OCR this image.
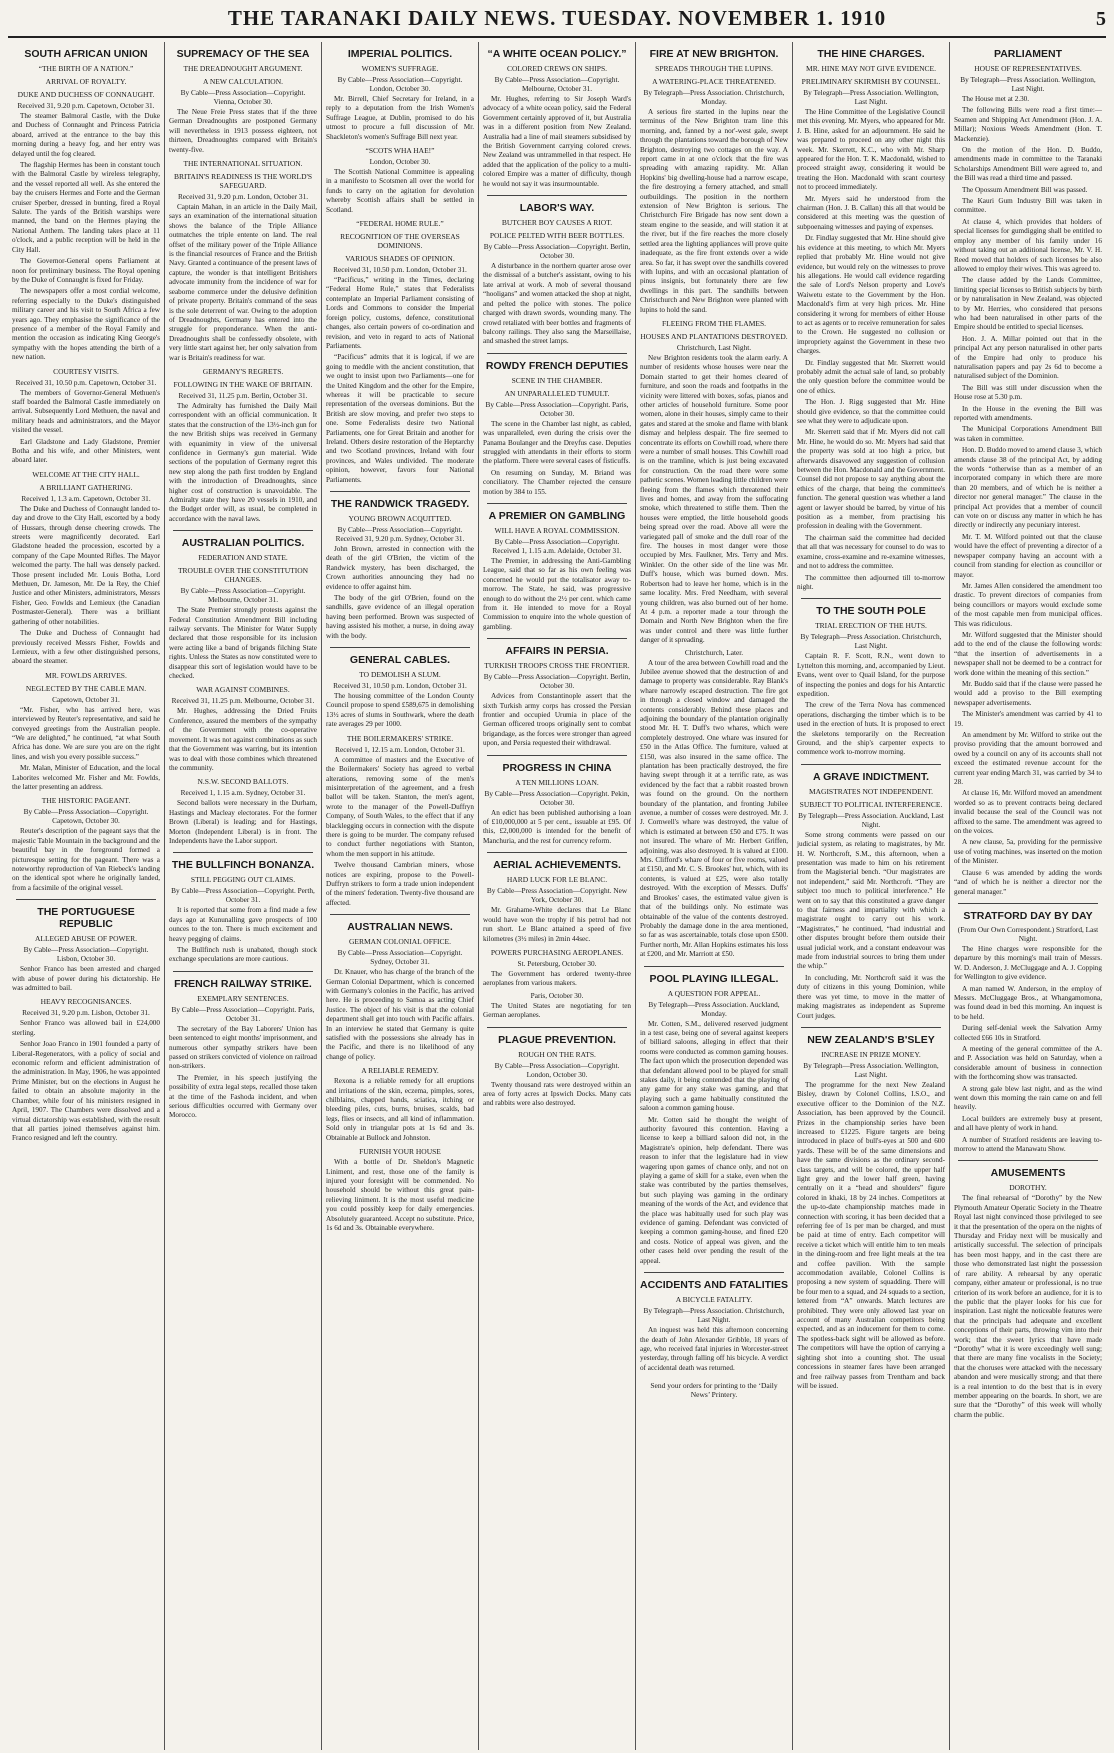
THE TARANAKI DAILY NEWS. TUESDAY. NOVEMBER 1. 1910	5
SOUTH AFRICAN UNION
“THE BIRTH OF A NATION.”
ARRIVAL OF ROYALTY.
DUKE AND DUCHESS OF CONNAUGHT.
Received 31, 9.20 p.m. Capetown, October 31.
The steamer Balmoral Castle, with the Duke and Duchess of Connaught and Princess Patricia aboard, arrived at the entrance to the bay this morning during a heavy fog, and her entry was delayed until the fog cleared.
The flagship Hermes has been in constant touch with the Balmoral Castle by wireless telegraphy, and the vessel reported all well. As she entered the bay the cruisers Hermes and Forte and the German cruiser Sperber, dressed in bunting, fired a Royal Salute. The yards of the British warships were manned, the band on the Hermes playing the National Anthem. The landing takes place at 11 o'clock, and a public reception will be held in the City Hall.
The Governor-General opens Parliament at noon for preliminary business. The Royal opening by the Duke of Connaught is fixed for Friday.
The newspapers offer a most cordial welcome, referring especially to the Duke's distinguished military career and his visit to South Africa a few years ago. They emphasise the significance of the presence of a member of the Royal Family and mention the occasion as indicating King George's sympathy with the hopes attending the birth of a new nation.
COURTESY VISITS.
Received 31, 10.50 p.m. Capetown, October 31.
The members of Governor-General Methuen's staff boarded the Balmoral Castle immediately on arrival. Subsequently Lord Methuen, the naval and military heads and administrators, and the Mayor visited the vessel.
Earl Gladstone and Lady Gladstone, Premier Botha and his wife, and other Ministers, went aboard later.
WELCOME AT THE CITY HALL.
A BRILLIANT GATHERING.
Received 1, 1.3 a.m. Capetown, October 31.
The Duke and Duchess of Connaught landed to-day and drove to the City Hall, escorted by a body of Hussars, through dense cheering crowds. The streets were magnificently decorated. Earl Gladstone headed the procession, escorted by a company of the Cape Mounted Rifles. The Mayor welcomed the party. The hall was densely packed. Those present included Mr. Louis Botha, Lord Methuen, Dr. Jameson, Mr. De la Rey, the Chief Justice and other Ministers, administrators, Messrs Fisher, Geo. Fowlds and Lemieux (the Canadian Postmaster-General). There was a brilliant gathering of other notabilities.
The Duke and Duchess of Connaught had previously received Messrs Fisher, Fowlds and Lemieux, with a few other distinguished persons, aboard the steamer.
MR. FOWLDS ARRIVES.
NEGLECTED BY THE CABLE MAN.
Capetown, October 31.
“Mr. Fisher, who has arrived here, was interviewed by Reuter's representative, and said he conveyed greetings from the Australian people. “We are delighted,” he continued, “at what South Africa has done. We are sure you are on the right lines, and wish you every possible success.”
Mr. Malan, Minister of Education, and the local Laborites welcomed Mr. Fisher and Mr. Fowlds, the latter presenting an address.
THE HISTORIC PAGEANT.
By Cable—Press Association—Copyright. Capetown, October 30.
Reuter's description of the pageant says that the majestic Table Mountain in the background and the beautiful bay in the foreground formed a picturesque setting for the pageant. There was a noteworthy reproduction of Van Riebeck's landing on the identical spot where he originally landed, from a facsimile of the original vessel.
THE PORTUGUESE REPUBLIC
ALLEGED ABUSE OF POWER.
By Cable—Press Association—Copyright. Lisbon, October 30.
Senhor Franco has been arrested and charged with abuse of power during his dictatorship. He was admitted to bail.
HEAVY RECOGNISANCES.
Received 31, 9.20 p.m. Lisbon, October 31.
Senhor Franco was allowed bail in £24,000 sterling.
Senhor Joao Franco in 1901 founded a party of Liberal-Regenerators, with a policy of social and economic reform and efficient administration of the administration. In May, 1906, he was appointed Prime Minister, but on the elections in August he failed to obtain an absolute majority in the Chamber, while four of his ministers resigned in April, 1907. The Chambers were dissolved and a virtual dictatorship was established, with the result that all parties joined themselves against him. Franco resigned and left the country.
SUPREMACY OF THE SEA
THE DREADNOUGHT ARGUMENT.
A NEW CALCULATION.
By Cable—Press Association—Copyright. Vienna, October 30.
The Neue Freie Press states that if the three German Dreadnoughts are postponed Germany will nevertheless in 1913 possess eighteen, not thirteen, Dreadnoughts compared with Britain's twenty-five.
THE INTERNATIONAL SITUATION.
BRITAIN'S READINESS IS THE WORLD'S SAFEGUARD.
Received 31, 9.20 p.m. London, October 31.
Captain Mahan, in an article in the Daily Mail, says an examination of the international situation shows the balance of the Triple Alliance outmatches the triple entente on land. The real offset of the military power of the Triple Alliance is the financial resources of France and the British Navy. Granted a continuance of the present laws of capture, the wonder is that intelligent Britishers advocate immunity from the incidence of war for seaborne commerce under the delusive definition of private property. Britain's command of the seas is the sole deterrent of war. Owing to the adoption of Dreadnoughts, Germany has entered into the struggle for preponderance. When the anti-Dreadnoughts shall be confessedly obsolete, with very little start against her, her only salvation from war is Britain's readiness for war.
GERMANY'S REGRETS.
FOLLOWING IN THE WAKE OF BRITAIN.
Received 31, 11.25 p.m. Berlin, October 31.
The Admiralty has furnished the Daily Mail correspondent with an official communication. It states that the construction of the 13½-inch gun for the new British ships was received in Germany with equanimity in view of the universal confidence in Germany's gun material. Wide sections of the population of Germany regret this new step along the path first trodden by England with the introduction of Dreadnoughts, since higher cost of construction is unavoidable. The Admiralty state they have 20 vessels in 1910, and the Budget order will, as usual, be completed in accordance with the naval laws.
AUSTRALIAN POLITICS.
FEDERATION AND STATE.
TROUBLE OVER THE CONSTITUTION CHANGES.
By Cable—Press Association—Copyright. Melbourne, October 31.
The State Premier strongly protests against the Federal Constitution Amendment Bill including railway servants. The Minister for Water Supply declared that those responsible for its inclusion were acting like a band of brigands filching State rights. Unless the States as now constituted were to disappear this sort of legislation would have to be checked.
WAR AGAINST COMBINES.
Received 31, 11.25 p.m. Melbourne, October 31.
Mr. Hughes, addressing the Dried Fruits Conference, assured the members of the sympathy of the Government with the co-operative movement. It was not against combinations as such that the Government was warring, but its intention was to deal with those combines which threatened the community.
N.S.W. SECOND BALLOTS.
Received 1, 1.15 a.m. Sydney, October 31.
Second ballots were necessary in the Durham, Hastings and Macleay electorates. For the former Brown (Liberal) is leading; and for Hastings, Morton (Independent Liberal) is in front. The Independents have the Labor support.
THE BULLFINCH BONANZA.
STILL PEGGING OUT CLAIMS.
By Cable—Press Association—Copyright. Perth, October 31.
It is reported that some from a find made a few days ago at Kununalling gave prospects of 100 ounces to the ton. There is much excitement and heavy pegging of claims.
The Bullfinch rush is unabated, though stock exchange speculations are more cautious.
FRENCH RAILWAY STRIKE.
EXEMPLARY SENTENCES.
By Cable—Press Association—Copyright. Paris, October 31.
The secretary of the Bay Laborers' Union has been sentenced to eight months' imprisonment, and numerous other sympathy strikers have been passed on strikers convicted of violence on railroad non-strikers.
The Premier, in his speech justifying the possibility of extra legal steps, recalled those taken at the time of the Fashoda incident, and when serious difficulties occurred with Germany over Morocco.
IMPERIAL POLITICS.
WOMEN'S SUFFRAGE.
By Cable—Press Association—Copyright. London, October 30.
Mr. Birrell, Chief Secretary for Ireland, in a reply to a deputation from the Irish Women's Suffrage League, at Dublin, promised to do his utmost to procure a full discussion of Mr. Shackleton's women's Suffrage Bill next year.
“SCOTS WHA HAE!”
London, October 30.
The Scottish National Committee is appealing in a manifesto to Scotsmen all over the world for funds to carry on the agitation for devolution whereby Scottish affairs shall be settled in Scotland.
“FEDERAL HOME RULE.”
RECOGNITION OF THE OVERSEAS DOMINIONS.
VARIOUS SHADES OF OPINION.
Received 31, 10.50 p.m. London, October 31.
“Pacificus,” writing in the Times, declaring “Federal Home Rule,” states that Federalists contemplate an Imperial Parliament consisting of Lords and Commons to consider the Imperial foreign policy, customs, defence, constitutional changes, also certain powers of co-ordination and revision, and veto in regard to acts of National Parliaments.
“Pacificus” admits that it is logical, if we are going to meddle with the ancient constitution, that we ought to insist upon two Parliaments—one for the United Kingdom and the other for the Empire, whereas it will be practicable to secure representation of the overseas dominions. But the British are slow moving, and prefer two steps to one. Some Federalists desire two National Parliaments, one for Great Britain and another for Ireland. Others desire restoration of the Heptarchy and two Scotland provinces, Ireland with four provinces, and Wales undivided. The moderate opinion, however, favors four National Parliaments.
THE RANDWICK TRAGEDY.
YOUNG BROWN ACQUITTED.
By Cable—Press Association—Copyright. Received 31, 9.20 p.m. Sydney, October 31.
John Brown, arrested in connection with the death of the girl O'Brien, the victim of the Randwick mystery, has been discharged, the Crown authorities announcing they had no evidence to offer against him.
The body of the girl O'Brien, found on the sandhills, gave evidence of an illegal operation having been performed. Brown was suspected of having assisted his mother, a nurse, in doing away with the body.
GENERAL CABLES.
TO DEMOLISH A SLUM.
Received 31, 10.50 p.m. London, October 31.
The housing committee of the London County Council propose to spend £589,675 in demolishing 13½ acres of slums in Southwark, where the death rate averages 29 per 1000.
THE BOILERMAKERS' STRIKE.
Received 1, 12.15 a.m. London, October 31.
A committee of masters and the Executive of the Boilermakers' Society has agreed to verbal alterations, removing some of the men's misinterpretation of the agreement, and a fresh ballot will be taken. Stanton, the men's agent, wrote to the manager of the Powell-Duffryn Company, of South Wales, to the effect that if any blacklegging occurs in connection with the dispute there is going to be murder. The company refused to conduct further negotiations with Stanton, whom the men support in his attitude.
Twelve thousand Cambrian miners, whose notices are expiring, propose to the Powell-Duffryn strikers to form a trade union independent of the miners' federation. Twenty-five thousand are affected.
AUSTRALIAN NEWS.
GERMAN COLONIAL OFFICE.
By Cable—Press Association—Copyright. Sydney, October 31.
Dr. Knauer, who has charge of the branch of the German Colonial Department, which is concerned with Germany's colonies in the Pacific, has arrived here. He is proceeding to Samoa as acting Chief Justice. The object of his visit is that the colonial department shall get into touch with Pacific affairs. In an interview he stated that Germany is quite satisfied with the possessions she already has in the Pacific, and there is no likelihood of any change of policy.
A RELIABLE REMEDY.
Rexona is a reliable remedy for all eruptions and irritations of the skin, eczema, pimples, sores, chilblains, chapped hands, sciatica, itching or bleeding piles, cuts, burns, bruises, scalds, bad legs, flies or insects, and all kind of inflammation. Sold only in triangular pots at 1s 6d and 3s. Obtainable at Bullock and Johnston.
FURNISH YOUR HOUSE
With a bottle of Dr. Sheldon's Magnetic Liniment, and rest, those one of the family is injured your foresight will be commended. No household should be without this great pain-relieving liniment. It is the most useful medicine you could possibly keep for daily emergencies. Absolutely guaranteed. Accept no substitute. Price, 1s 6d and 3s. Obtainable everywhere.
“A WHITE OCEAN POLICY.”
COLORED CREWS ON SHIPS.
By Cable—Press Association—Copyright. Melbourne, October 31.
Mr. Hughes, referring to Sir Joseph Ward's advocacy of a white ocean policy, said the Federal Government certainly approved of it, but Australia was in a different position from New Zealand. Australia had a line of mail steamers subsidised by the British Government carrying colored crews. New Zealand was untrammelled in that respect. He added that the application of the policy to a multi-colored Empire was a matter of difficulty, though he would not say it was insurmountable.
LABOR'S WAY.
BUTCHER BOY CAUSES A RIOT.
POLICE PELTED WITH BEER BOTTLES.
By Cable—Press Association—Copyright. Berlin, October 30.
A disturbance in the northern quarter arose over the dismissal of a butcher's assistant, owing to his late arrival at work. A mob of several thousand “hooligans” and women attacked the shop at night, and pelted the police with stones. The police charged with drawn swords, wounding many. The crowd retaliated with beer bottles and fragments of balcony railings. They also sang the Marseillaise, and smashed the street lamps.
ROWDY FRENCH DEPUTIES
SCENE IN THE CHAMBER.
AN UNPARALLELED TUMULT.
By Cable—Press Association—Copyright. Paris, October 30.
The scene in the Chamber last night, as cabled, was unparalleled, even during the crisis over the Panama Boulanger and the Dreyfus case. Deputies struggled with attendants in their efforts to storm the platform. There were several cases of fisticuffs.
On resuming on Sunday, M. Briand was conciliatory. The Chamber rejected the censure motion by 384 to 155.
A PREMIER ON GAMBLING
WILL HAVE A ROYAL COMMISSION.
By Cable—Press Association—Copyright. Received 1, 1.15 a.m. Adelaide, October 31.
The Premier, in addressing the Anti-Gambling League, said that so far as his own feeling was concerned he would put the totalisator away to-morrow. The State, he said, was progressive enough to do without the 2½ per cent. which came from it. He intended to move for a Royal Commission to enquire into the whole question of gambling.
AFFAIRS IN PERSIA.
TURKISH TROOPS CROSS THE FRONTIER.
By Cable—Press Association—Copyright. Berlin, October 30.
Advices from Constantinople assert that the sixth Turkish army corps has crossed the Persian frontier and occupied Urumia in place of the German officered troops originally sent to combat brigandage, as the forces were stronger than agreed upon, and Persia requested their withdrawal.
PROGRESS IN CHINA
A TEN MILLIONS LOAN.
By Cable—Press Association—Copyright. Pekin, October 30.
An edict has been published authorising a loan of £10,000,000 at 5 per cent., issuable at £95. Of this, £2,000,000 is intended for the benefit of Manchuria, and the rest for currency reform.
AERIAL ACHIEVEMENTS.
HARD LUCK FOR LE BLANC.
By Cable—Press Association—Copyright. New York, October 30.
Mr. Grahame-White declares that Le Blanc would have won the trophy if his petrol had not run short. Le Blanc attained a speed of five kilometres (3½ miles) in 2min 44sec.
POWERS PURCHASING AEROPLANES.
St. Petersburg, October 30.
The Government has ordered twenty-three aeroplanes from various makers.
Paris, October 30.
The United States are negotiating for ten German aeroplanes.
PLAGUE PREVENTION.
ROUGH ON THE RATS.
By Cable—Press Association—Copyright. London, October 30.
Twenty thousand rats were destroyed within an area of forty acres at Ipswich Docks. Many cats and rabbits were also destroyed.
FIRE AT NEW BRIGHTON.
SPREADS THROUGH THE LUPINS.
A WATERING-PLACE THREATENED.
By Telegraph—Press Association. Christchurch, Monday.
A serious fire started in the lupins near the terminus of the New Brighton tram line this morning, and, fanned by a nor'-west gale, swept through the plantations toward the borough of New Brighton, destroying two cottages on the way. A report came in at one o'clock that the fire was spreading with amazing rapidity. Mr. Allan Hopkins' big dwelling-house had a narrow escape, the fire destroying a fernery attached, and small outbuildings. The position in the northern extension of New Brighton is serious. The Christchurch Fire Brigade has now sent down a steam engine to the seaside, and will station it at the river, but if the fire reaches the more closely settled area the lighting appliances will prove quite inadequate, as the fire front extends over a wide area. So far, it has swept over the sandhills covered with lupins, and with an occasional plantation of pinus insignis, but fortunately there are few dwellings in this part. The sandhills between Christchurch and New Brighton were planted with lupins to hold the sand.
FLEEING FROM THE FLAMES.
HOUSES AND PLANTATIONS DESTROYED.
Christchurch, Last Night.
New Brighton residents took the alarm early. A number of residents whose houses were near the Domain started to get their homes cleared of furniture, and soon the roads and footpaths in the vicinity were littered with boxes, sofas, pianos and other articles of household furniture. Some poor women, alone in their houses, simply came to their gates and stared at the smoke and flame with blank dismay and helpless despair. The fire seemed to concentrate its efforts on Cowhill road, where there were a number of small houses. This Cowhill road is on the tramline, which is just being excavated for construction. On the road there were some pathetic scenes. Women leading little children were fleeing from the flames which threatened their lives and homes, and away from the suffocating smoke, which threatened to stifle them. Then the houses were emptied, the little household goods being spread over the road. Above all were the variegated pall of smoke and the dull roar of the fire. The houses in most danger were those occupied by Mrs. Faulkner, Mrs. Terry and Mrs. Winkler. On the other side of the line was Mr. Duff's house, which was burned down. Mrs. Robertson had to leave her home, which is in the same locality. Mrs. Fred Needham, with several young children, was also burned out of her home. At 4 p.m. a reporter made a tour through the Domain and North New Brighton when the fire was under control and there was little further danger of it spreading.
Christchurch, Later.
A tour of the area between Cowhill road and the Jubilee avenue showed that the destruction of and damage to property was considerable. Ray Blank's whare narrowly escaped destruction. The fire got in through a closed window and damaged the contents considerably. Behind these places and adjoining the boundary of the plantation originally stood Mr. H. T. Duff's two whares, which were completely destroyed. One whare was insured for £50 in the Atlas Office. The furniture, valued at £150, was also insured in the same office. The plantation has been practically destroyed, the fire having swept through it at a terrific rate, as was evidenced by the fact that a rabbit roasted brown was found on the ground. On the northern boundary of the plantation, and fronting Jubilee avenue, a number of cosses were destroyed. Mr. J. J. Cornwell's whare was destroyed, the value of which is estimated at between £50 and £75. It was not insured. The whare of Mr. Herbert Griffen, adjoining, was also destroyed. It is valued at £100. Mrs. Clifford's whare of four or five rooms, valued at £150, and Mr. C. S. Brookes' hut, which, with its contents, is valued at £25, were also totally destroyed. With the exception of Messrs. Duffs' and Brookes' cases, the estimated value given is that of the buildings only. No estimate was obtainable of the value of the contents destroyed. Probably the damage done in the area mentioned, so far as was ascertainable, totals close upon £500. Further north, Mr. Allan Hopkins estimates his loss at £200, and Mr. Marriott at £50.
POOL PLAYING ILLEGAL.
A QUESTION FOR APPEAL.
By Telegraph—Press Association. Auckland, Monday.
Mr. Cotten, S.M., delivered reserved judgment in a test case, being one of several against keepers of billiard saloons, alleging in effect that their rooms were conducted as common gaming houses. The fact upon which the prosecution depended was that defendant allowed pool to be played for small stakes daily, it being contended that the playing of any game for any stake was gaming, and that playing such a game habitually constituted the saloon a common gaming house.
Mr. Cotten said he thought the weight of authority favoured this contention. Having a license to keep a billiard saloon did not, in the Magistrate's opinion, help defendant. There was reason to infer that the legislature had in view wagering upon games of chance only, and not on playing a game of skill for a stake, even when the stake was contributed by the parties themselves, but such playing was gaming in the ordinary meaning of the words of the Act, and evidence that the place was habitually used for such play was evidence of gaming. Defendant was convicted of keeping a common gaming-house, and fined £20 and costs. Notice of appeal was given, and the other cases held over pending the result of the appeal.
ACCIDENTS AND FATALITIES
A BICYCLE FATALITY.
By Telegraph—Press Association. Christchurch, Last Night.
An inquest was held this afternoon concerning the death of John Alexander Gribble, 18 years of age, who received fatal injuries in Worcester-street yesterday, through falling off his bicycle. A verdict of accidental death was returned.
Send your orders for printing to the ‘Daily News’ Printery.
THE HINE CHARGES.
MR. HINE MAY NOT GIVE EVIDENCE.
PRELIMINARY SKIRMISH BY COUNSEL.
By Telegraph—Press Association. Wellington, Last Night.
The Hine Committee of the Legislative Council met this evening. Mr. Myers, who appeared for Mr. J. B. Hine, asked for an adjournment. He said he was prepared to proceed on any other night this week. Mr. Skerrett, K.C., who with Mr. Sharp appeared for the Hon. T. K. Macdonald, wished to proceed straight away, considering it would be treating the Hon. Macdonald with scant courtesy not to proceed immediately.
Mr. Myers said he understood from the chairman (Hon. J. B. Callan) this all that would be considered at this meeting was the question of subpoenaing witnesses and paying of expenses.
Dr. Findlay suggested that Mr. Hine should give his evidence at this meeting, to which Mr. Myers replied that probably Mr. Hine would not give evidence, but would rely on the witnesses to prove his allegations. He would call evidence regarding the sale of Lord's Nelson property and Love's Waiwetu estate to the Government by the Hon. Macdonald's firm at very high prices. Mr. Hine considering it wrong for members of either House to act as agents or to receive remuneration for sales to the Crown. He suggested no collusion or impropriety against the Government in these two charges.
Dr. Findlay suggested that Mr. Skerrett would probably admit the actual sale of land, so probably the only question before the committee would be one of ethics.
The Hon. J. Rigg suggested that Mr. Hine should give evidence, so that the committee could see what they were to adjudicate upon.
Mr. Skerrett said that if Mr. Myers did not call Mr. Hine, he would do so. Mr. Myers had said that the property was sold at too high a price, but afterwards disavowed any suggestion of collusion between the Hon. Macdonald and the Government. Counsel did not propose to say anything about the ethics of the charge, that being the committee's function. The general question was whether a land agent or lawyer should be barred, by virtue of his position as a member, from practising his profession in dealing with the Government.
The chairman said the committee had decided that all that was necessary for counsel to do was to examine, cross-examine and re-examine witnesses, and not to address the committee.
The committee then adjourned till to-morrow night.
TO THE SOUTH POLE
TRIAL ERECTION OF THE HUTS.
By Telegraph—Press Association. Christchurch, Last Night.
Captain R. F. Scott, R.N., went down to Lyttelton this morning, and, accompanied by Lieut. Evans, went over to Quail Island, for the purpose of inspecting the ponies and dogs for his Antarctic expedition.
The crew of the Terra Nova has commenced operations, discharging the timber which is to be used in the erection of huts. It is proposed to erect the skeletons temporarily on the Recreation Ground, and the ship's carpenter expects to commence work to-morrow morning.
A GRAVE INDICTMENT.
MAGISTRATES NOT INDEPENDENT.
SUBJECT TO POLITICAL INTERFERENCE.
By Telegraph—Press Association. Auckland, Last Night.
Some strong comments were passed on our judicial system, as relating to magistrates, by Mr. H. W. Northcroft, S.M., this afternoon, when a presentation was made to him on his retirement from the Magisterial bench. “Our magistrates are not independent,” said Mr. Northcroft. “They are subject too much to political interference.” He went on to say that this constituted a grave danger to that fairness and impartiality with which a magistrate ought to carry out his work. “Magistrates,” he continued, “had industrial and other disputes brought before them outside their usual judicial work, and a constant endeavour was made from industrial sources to bring them under the whip.”
In concluding, Mr. Northcroft said it was the duty of citizens in this young Dominion, while there was yet time, to move in the matter of making magistrates as independent as Supreme Court judges.
NEW ZEALAND'S B'SLEY
INCREASE IN PRIZE MONEY.
By Telegraph—Press Association. Wellington, Last Night.
The programme for the next New Zealand Bisley, drawn by Colonel Collins, I.S.O., and executive officer to the Dominion of the N.Z. Association, has been approved by the Council. Prizes in the championship series have been increased to £1225. Figure targets are being introduced in place of bull's-eyes at 500 and 600 yards. These will be of the same dimensions and have the same divisions as the ordinary second-class targets, and will be colored, the upper half light grey and the lower half green, having centrally on it a “head and shoulders” figure colored in khaki, 18 by 24 inches. Competitors at the up-to-date championship matches made in connection with scoring, it has been decided that a referring fee of 1s per man be charged, and must be paid at time of entry. Each competitor will receive a ticket which will entitle him to ten meals in the dining-room and free light meals at the tea and coffee pavilion. With the sample accommodation available, Colonel Collins is proposing a new system of squadding. There will be four men to a squad, and 24 squads to a section, lettered from “A” onwards. Match lectures are prohibited. They were only allowed last year on account of many Australian competitors being expected, and as an inducement for them to come. The spotless-back sight will be allowed as before. The competitors will have the option of carrying a sighting shot into a counting shot. The usual concessions in steamer fares have been arranged and free railway passes from Trentham and back will be issued.
PARLIAMENT
HOUSE OF REPRESENTATIVES.
By Telegraph—Press Association. Wellington, Last Night.
The House met at 2.30.
The following Bills were read a first time:—Seamen and Shipping Act Amendment (Hon. J. A. Millar); Noxious Weeds Amendment (Hon. T. Mackenzie).
On the motion of the Hon. D. Buddo, amendments made in committee to the Taranaki Scholarships Amendment Bill were agreed to, and the Bill was read a third time and passed.
The Opossum Amendment Bill was passed.
The Kauri Gum Industry Bill was taken in committee.
At clause 4, which provides that holders of special licenses for gumdigging shall be entitled to employ any member of his family under 16 without taking out an additional license, Mr. V. H. Reed moved that holders of such licenses be also allowed to employ their wives. This was agreed to.
The clause added by the Lands Committee, limiting special licenses to British subjects by birth or by naturalisation in New Zealand, was objected to by Mr. Herries, who considered that persons who had been naturalised in other parts of the Empire should be entitled to special licenses.
Hon. J. A. Millar pointed out that in the principal Act any person naturalised in other parts of the Empire had only to produce his naturalisation papers and pay 2s 6d to become a naturalised subject of the Dominion.
The Bill was still under discussion when the House rose at 5.30 p.m.
In the House in the evening the Bill was reported with amendments.
The Municipal Corporations Amendment Bill was taken in committee.
Hon. D. Buddo moved to amend clause 3, which amends clause 38 of the principal Act, by adding the words “otherwise than as a member of an incorporated company in which there are more than 20 members, and of which he is neither a director nor general manager.” The clause in the principal Act provides that a member of council can vote on or discuss any matter in which he has directly or indirectly any pecuniary interest.
Mr. T. M. Wilford pointed out that the clause would have the effect of preventing a director of a newspaper company having an account with a council from standing for election as councillor or mayor.
Mr. James Allen considered the amendment too drastic. To prevent directors of companies from being councillors or mayors would exclude some of the most capable men from municipal offices. This was ridiculous.
Mr. Wilford suggested that the Minister should add to the end of the clause the following words: “that the insertion of advertisements in a newspaper shall not be deemed to be a contract for work done within the meaning of this section.”
Mr. Buddo said that if the clause were passed he would add a proviso to the Bill exempting newspaper advertisements.
The Minister's amendment was carried by 41 to 19.
An amendment by Mr. Wilford to strike out the proviso providing that the amount borrowed and owed by a council on any of its accounts shall not exceed the estimated revenue account for the current year ending March 31, was carried by 34 to 28.
At clause 16, Mr. Wilford moved an amendment worded so as to prevent contracts being declared invalid because the seal of the Council was not affixed to the same. The amendment was agreed to on the voices.
A new clause, 5a, providing for the permissive use of voting machines, was inserted on the motion of the Minister.
Clause 6 was amended by adding the words “and of which he is neither a director nor the general manager.”
STRATFORD DAY BY DAY
(From Our Own Correspondent.) Stratford, Last Night.
The Hine charges were responsible for the departure by this morning's mail train of Messrs. W. D. Anderson, J. McCluggage and A. J. Copping for Wellington to give evidence.
A man named W. Anderson, in the employ of Messrs. McCluggage Bros., at Whangamomona, was found dead in bed this morning. An inquest is to be held.
During self-denial week the Salvation Army collected £66 10s in Stratford.
A meeting of the general committee of the A. and P. Association was held on Saturday, when a considerable amount of business in connection with the forthcoming show was transacted.
A strong gale blew last night, and as the wind went down this morning the rain came on and fell heavily.
Local builders are extremely busy at present, and all have plenty of work in hand.
A number of Stratford residents are leaving to-morrow to attend the Manawatu Show.
AMUSEMENTS
DOROTHY.
The final rehearsal of “Dorothy” by the New Plymouth Amateur Operatic Society in the Theatre Royal last night convinced those privileged to see it that the presentation of the opera on the nights of Thursday and Friday next will be musically and artistically successful. The selection of principals has been most happy, and in the cast there are those who demonstrated last night the possession of rare ability. A rehearsal by any operatic company, either amateur or professional, is no true criterion of its work before an audience, for it is to the public that the player looks for his cue for inspiration. Last night the noticeable features were that the principals had adequate and excellent conceptions of their parts, throwing vim into their work; that the sweet lyrics that have made “Dorothy” what it is were exceedingly well sung; that there are many fine vocalists in the Society; that the choruses were attacked with the necessary abandon and were musically strong; and that there is a real intention to do the best that is in every member appearing on the boards. In short, we are sure that the “Dorothy” of this week will wholly charm the public.
